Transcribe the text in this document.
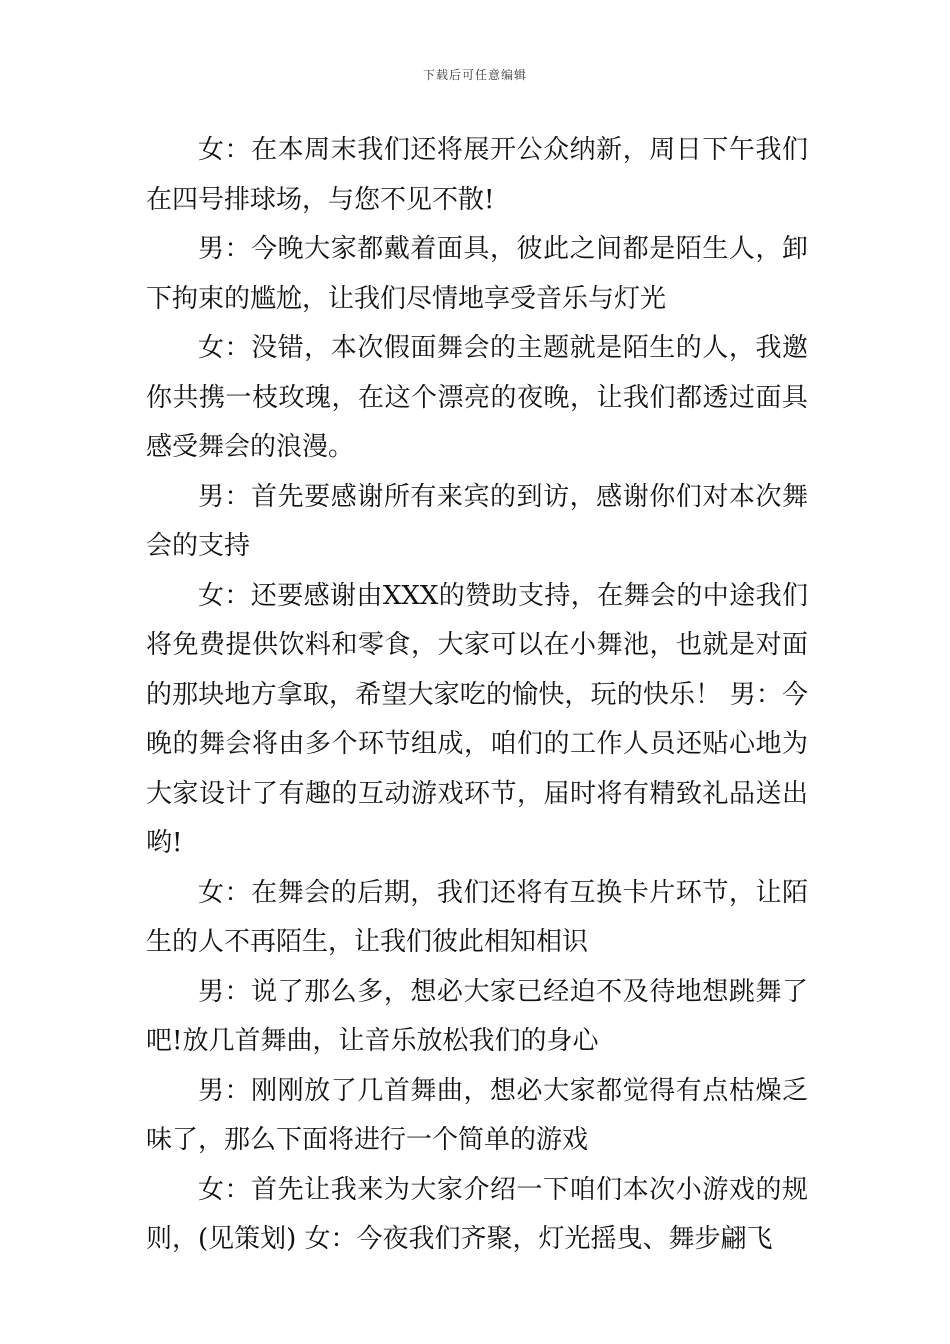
下载后可任意编辑

女：在本周末我们还将展开公众纳新，周日下午我们在四号排球场，与您不见不散!

男：今晚大家都戴着面具，彼此之间都是陌生人，卸下拘束的尴尬，让我们尽情地享受音乐与灯光

女：没错，本次假面舞会的主题就是陌生的人，我邀你共携一枝玫瑰，在这个漂亮的夜晚，让我们都透过面具感受舞会的浪漫。

男：首先要感谢所有来宾的到访，感谢你们对本次舞会的支持

女：还要感谢由XXX的赞助支持，在舞会的中途我们将免费提供饮料和零食，大家可以在小舞池，也就是对面的那块地方拿取，希望大家吃的愉快，玩的快乐！ 男：今晚的舞会将由多个环节组成，咱们的工作人员还贴心地为大家设计了有趣的互动游戏环节，届时将有精致礼品送出哟!

女：在舞会的后期，我们还将有互换卡片环节，让陌生的人不再陌生，让我们彼此相知相识

男：说了那么多，想必大家已经迫不及待地想跳舞了吧!放几首舞曲，让音乐放松我们的身心

男：刚刚放了几首舞曲，想必大家都觉得有点枯燥乏味了，那么下面将进行一个简单的游戏

女：首先让我来为大家介绍一下咱们本次小游戏的规则，(见策划) 女：今夜我们齐聚，灯光摇曳、舞步翩飞
